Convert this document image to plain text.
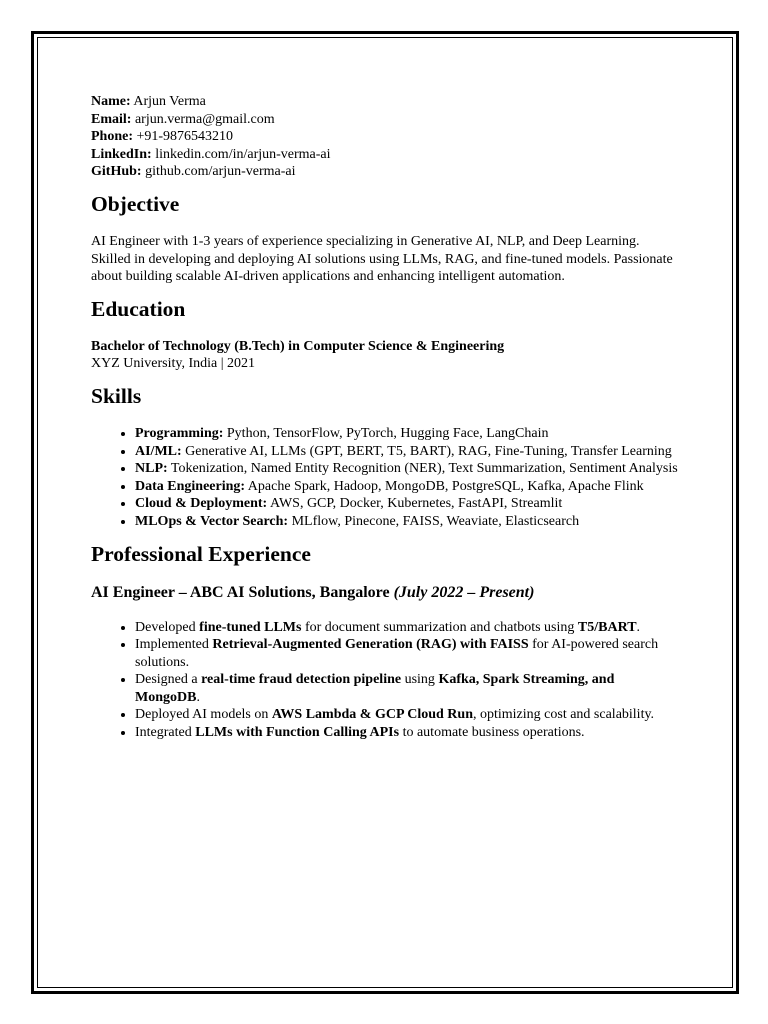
Name: Arjun Verma

Email: arjun.verma@gmail.com

Phone: +91-9876543210

LinkedIn: linkedin.com/in/arjun-verma-ai

GitHub: github.com/arjun-verma-ai

Objective

AI Engineer with 1-3 years of experience specializing in Generative AI, NLP, and Deep Learning. Skilled in developing and deploying AI solutions using LLMs, RAG, and fine-tuned models. Passionate about building scalable AI-driven applications and enhancing intelligent automation.

Education

Bachelor of Technology (B.Tech) in Computer Science & Engineering

XYZ University, India | 2021

Skills
• Programming: Python, TensorFlow, PyTorch, Hugging Face, LangChain
• AI/ML: Generative AI, LLMs (GPT, BERT, T5, BART), RAG, Fine-Tuning, Transfer Learning
• NLP: Tokenization, Named Entity Recognition (NER), Text Summarization, Sentiment Analysis
• Data Engineering: Apache Spark, Hadoop, MongoDB, PostgreSQL, Kafka, Apache Flink
• Cloud & Deployment: AWS, GCP, Docker, Kubernetes, FastAPI, Streamlit
• MLOps & Vector Search: MLflow, Pinecone, FAISS, Weaviate, Elasticsearch
Professional Experience

AI Engineer – ABC AI Solutions, Bangalore (July 2022 – Present)

• Developed fine-tuned LLMs for document summarization and chatbots using T5/BART.
• Implemented Retrieval-Augmented Generation (RAG) with FAISS for AI-powered search solutions.
• Designed a real-time fraud detection pipeline using Kafka, Spark Streaming, and MongoDB.
• Deployed AI models on AWS Lambda & GCP Cloud Run, optimizing cost and scalability.
• Integrated LLMs with Function Calling APIs to automate business operations.
